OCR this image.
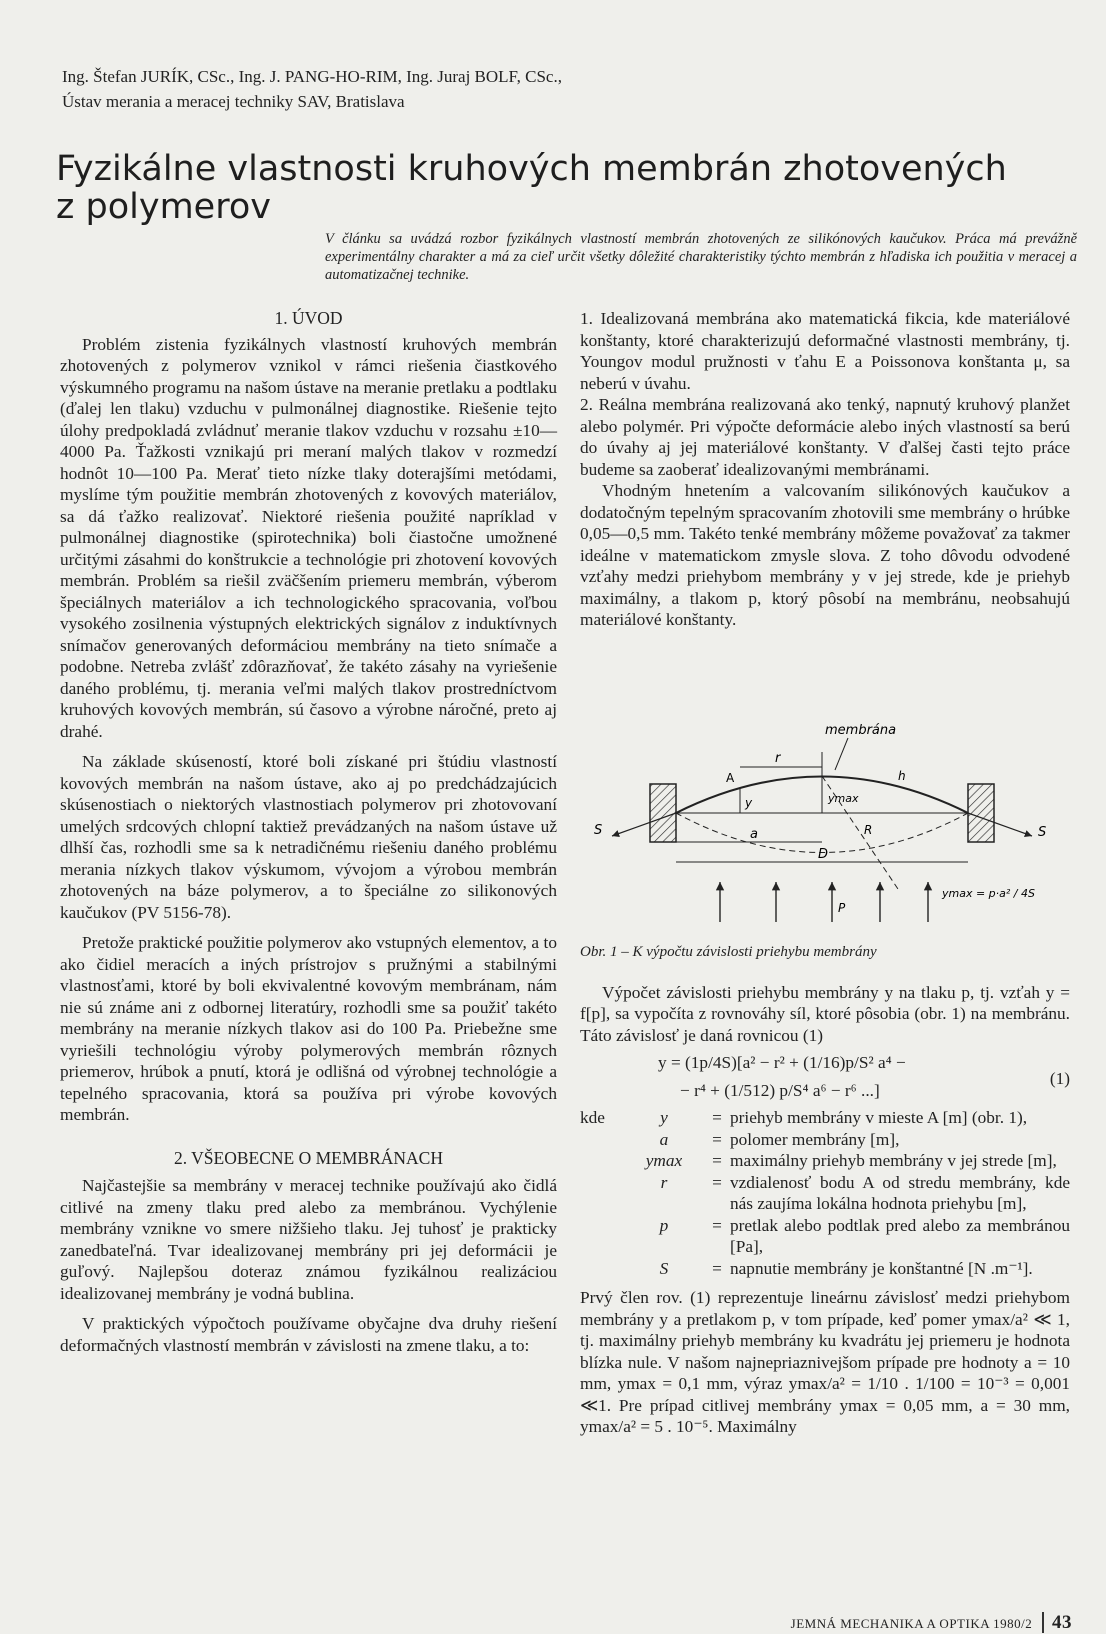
Ing. Štefan JURÍK, CSc., Ing. J. PANG-HO-RIM, Ing. Juraj BOLF, CSc.,
Ústav merania a meracej techniky SAV, Bratislava
Fyzikálne vlastnosti kruhových membrán zhotovených
z polymerov
V článku sa uvádzá rozbor fyzikálnych vlastností membrán zhotovených ze silikónových kaučukov. Práca má prevážně experimentálny charakter a má za cieľ určit všetky dôležité charakteristiky týchto membrán z hľadiska ich použitia v meracej a automatizačnej technike.
1. ÚVOD

Problém zistenia fyzikálnych vlastností kruhových membrán zhotovených z polymerov vznikol v rámci riešenia čiastkového výskumného programu na našom ústave na meranie pretlaku a podtlaku (ďalej len tlaku) vzduchu v pulmonálnej diagnostike. Riešenie tejto úlohy predpokladá zvládnuť meranie tlakov vzduchu v rozsahu ±10—4000 Pa. Ťažkosti vznikajú pri meraní malých tlakov v rozmedzí hodnôt 10—100 Pa. Merať tieto nízke tlaky doterajšími metódami, myslíme tým použitie membrán zhotovených z kovových materiálov, sa dá ťažko realizovať. Niektoré riešenia použité napríklad v pulmonálnej diagnostike (spirotechnika) boli čiastočne umožnené určitými zásahmi do konštrukcie a technológie pri zhotovení kovových membrán. Problém sa riešil zväčšením priemeru membrán, výberom špeciálnych materiálov a ich technologického spracovania, voľbou vysokého zosilnenia výstupných elektrických signálov z induktívnych snímačov generovaných deformáciou membrány na tieto snímače a podobne. Netreba zvlášť zdôrazňovať, že takéto zásahy na vyriešenie daného problému, tj. merania veľmi malých tlakov prostredníctvom kruhových kovových membrán, sú časovo a výrobne náročné, preto aj drahé.

Na základe skúseností, ktoré boli získané pri štúdiu vlastností kovových membrán na našom ústave, ako aj po predchádzajúcich skúsenostiach o niektorých vlastnostiach polymerov pri zhotovovaní umelých srdcových chlopní taktiež prevádzaných na našom ústave už dlhší čas, rozhodli sme sa k netradičnému riešeniu daného problému merania nízkych tlakov výskumom, vývojom a výrobou membrán zhotovených na báze polymerov, a to špeciálne zo silikonových kaučukov (PV 5156-78).

Pretože praktické použitie polymerov ako vstupných elementov, a to ako čidiel meracích a iných prístrojov s pružnými a stabilnými vlastnosťami, ktoré by boli ekvivalentné kovovým membránam, nám nie sú známe ani z odbornej literatúry, rozhodli sme sa použiť takéto membrány na meranie nízkych tlakov asi do 100 Pa. Priebežne sme vyriešili technológiu výroby polymerových membrán rôznych priemerov, hrúbok a pnutí, ktorá je odlišná od výrobnej technológie a tepelného spracovania, ktorá sa používa pri výrobe kovových membrán.

2. VŠEOBECNE O MEMBRÁNACH

Najčastejšie sa membrány v meracej technike používajú ako čidlá citlivé na zmeny tlaku pred alebo za membránou. Vychýlenie membrány vznikne vo smere nižšieho tlaku. Jej tuhosť je prakticky zanedbateľná. Tvar idealizovanej membrány pri jej deformácii je guľový. Najlepšou doteraz známou fyzikálnou realizáciou idealizovanej membrány je vodná bublina.

V praktických výpočtoch používame obyčajne dva druhy riešení deformačných vlastností membrán v závislosti na zmene tlaku, a to:

1. Idealizovaná membrána ako matematická fikcia, kde materiálové konštanty, ktoré charakterizujú deformačné vlastnosti membrány, tj. Youngov modul pružnosti v ťahu E a Poissonova konštanta μ, sa neberú v úvahu.

2. Reálna membrána realizovaná ako tenký, napnutý kruhový planžet alebo polymér. Pri výpočte deformácie alebo iných vlastností sa berú do úvahy aj jej materiálové konštanty. V ďalšej časti tejto práce budeme sa zaoberať idealizovanými membránami.

Vhodným hnetením a valcovaním silikónových kaučukov a dodatočným tepelným spracovaním zhotovili sme membrány o hrúbke 0,05—0,5 mm. Takéto tenké membrány môžeme považovať za takmer ideálne v matematickom zmysle slova. Z toho dôvodu odvodené vzťahy medzi priehybom membrány y v jej strede, kde je priehyb maximálny, a tlakom p, ktorý pôsobí na membránu, neobsahujú materiálové konštanty.

membrána
r
A
y	ymax
h
R
a
D
S	S
P
ymax = p·a² / 4S
Obr. 1 – K výpočtu závislosti priehybu membrány

Výpočet závislosti priehybu membrány y na tlaku p, tj. vzťah y = f[p], sa vypočíta z rovnováhy síl, ktoré pôsobia (obr. 1) na membránu. Táto závislosť je daná rovnicou (1)

y = (1p/4S)[a² − r² + (1/16)p/S² a⁴ −
− r⁴ + (1/512) p/S⁴ a⁶ − r⁶ ...]
(1)
kde	y	=	priehyb membrány v mieste A [m] (obr. 1),
	a	=	polomer membrány [m],
	ymax	=	maximálny priehyb membrány v jej strede [m],
	r	=	vzdialenosť bodu A od stredu membrány, kde nás zaujíma lokálna hodnota priehybu [m],
	p	=	pretlak alebo podtlak pred alebo za membránou [Pa],
	S	=	napnutie membrány je konštantné [N .m⁻¹].

Prvý člen rov. (1) reprezentuje lineárnu závislosť medzi priehybom membrány y a pretlakom p, v tom prípade, keď pomer ymax/a² ≪ 1, tj. maximálny priehyb membrány ku kvadrátu jej priemeru je hodnota blízka nule. V našom najnepriaznivejšom prípade pre hodnoty a = 10 mm, ymax = 0,1 mm, výraz ymax/a² = 1/10 . 1/100 = 10⁻³ = 0,001 ≪1. Pre prípad citlivej membrány ymax = 0,05 mm, a = 30 mm, ymax/a² = 5 . 10⁻⁵. Maximálny

JEMNÁ MECHANIKA A OPTIKA 1980/2 43
